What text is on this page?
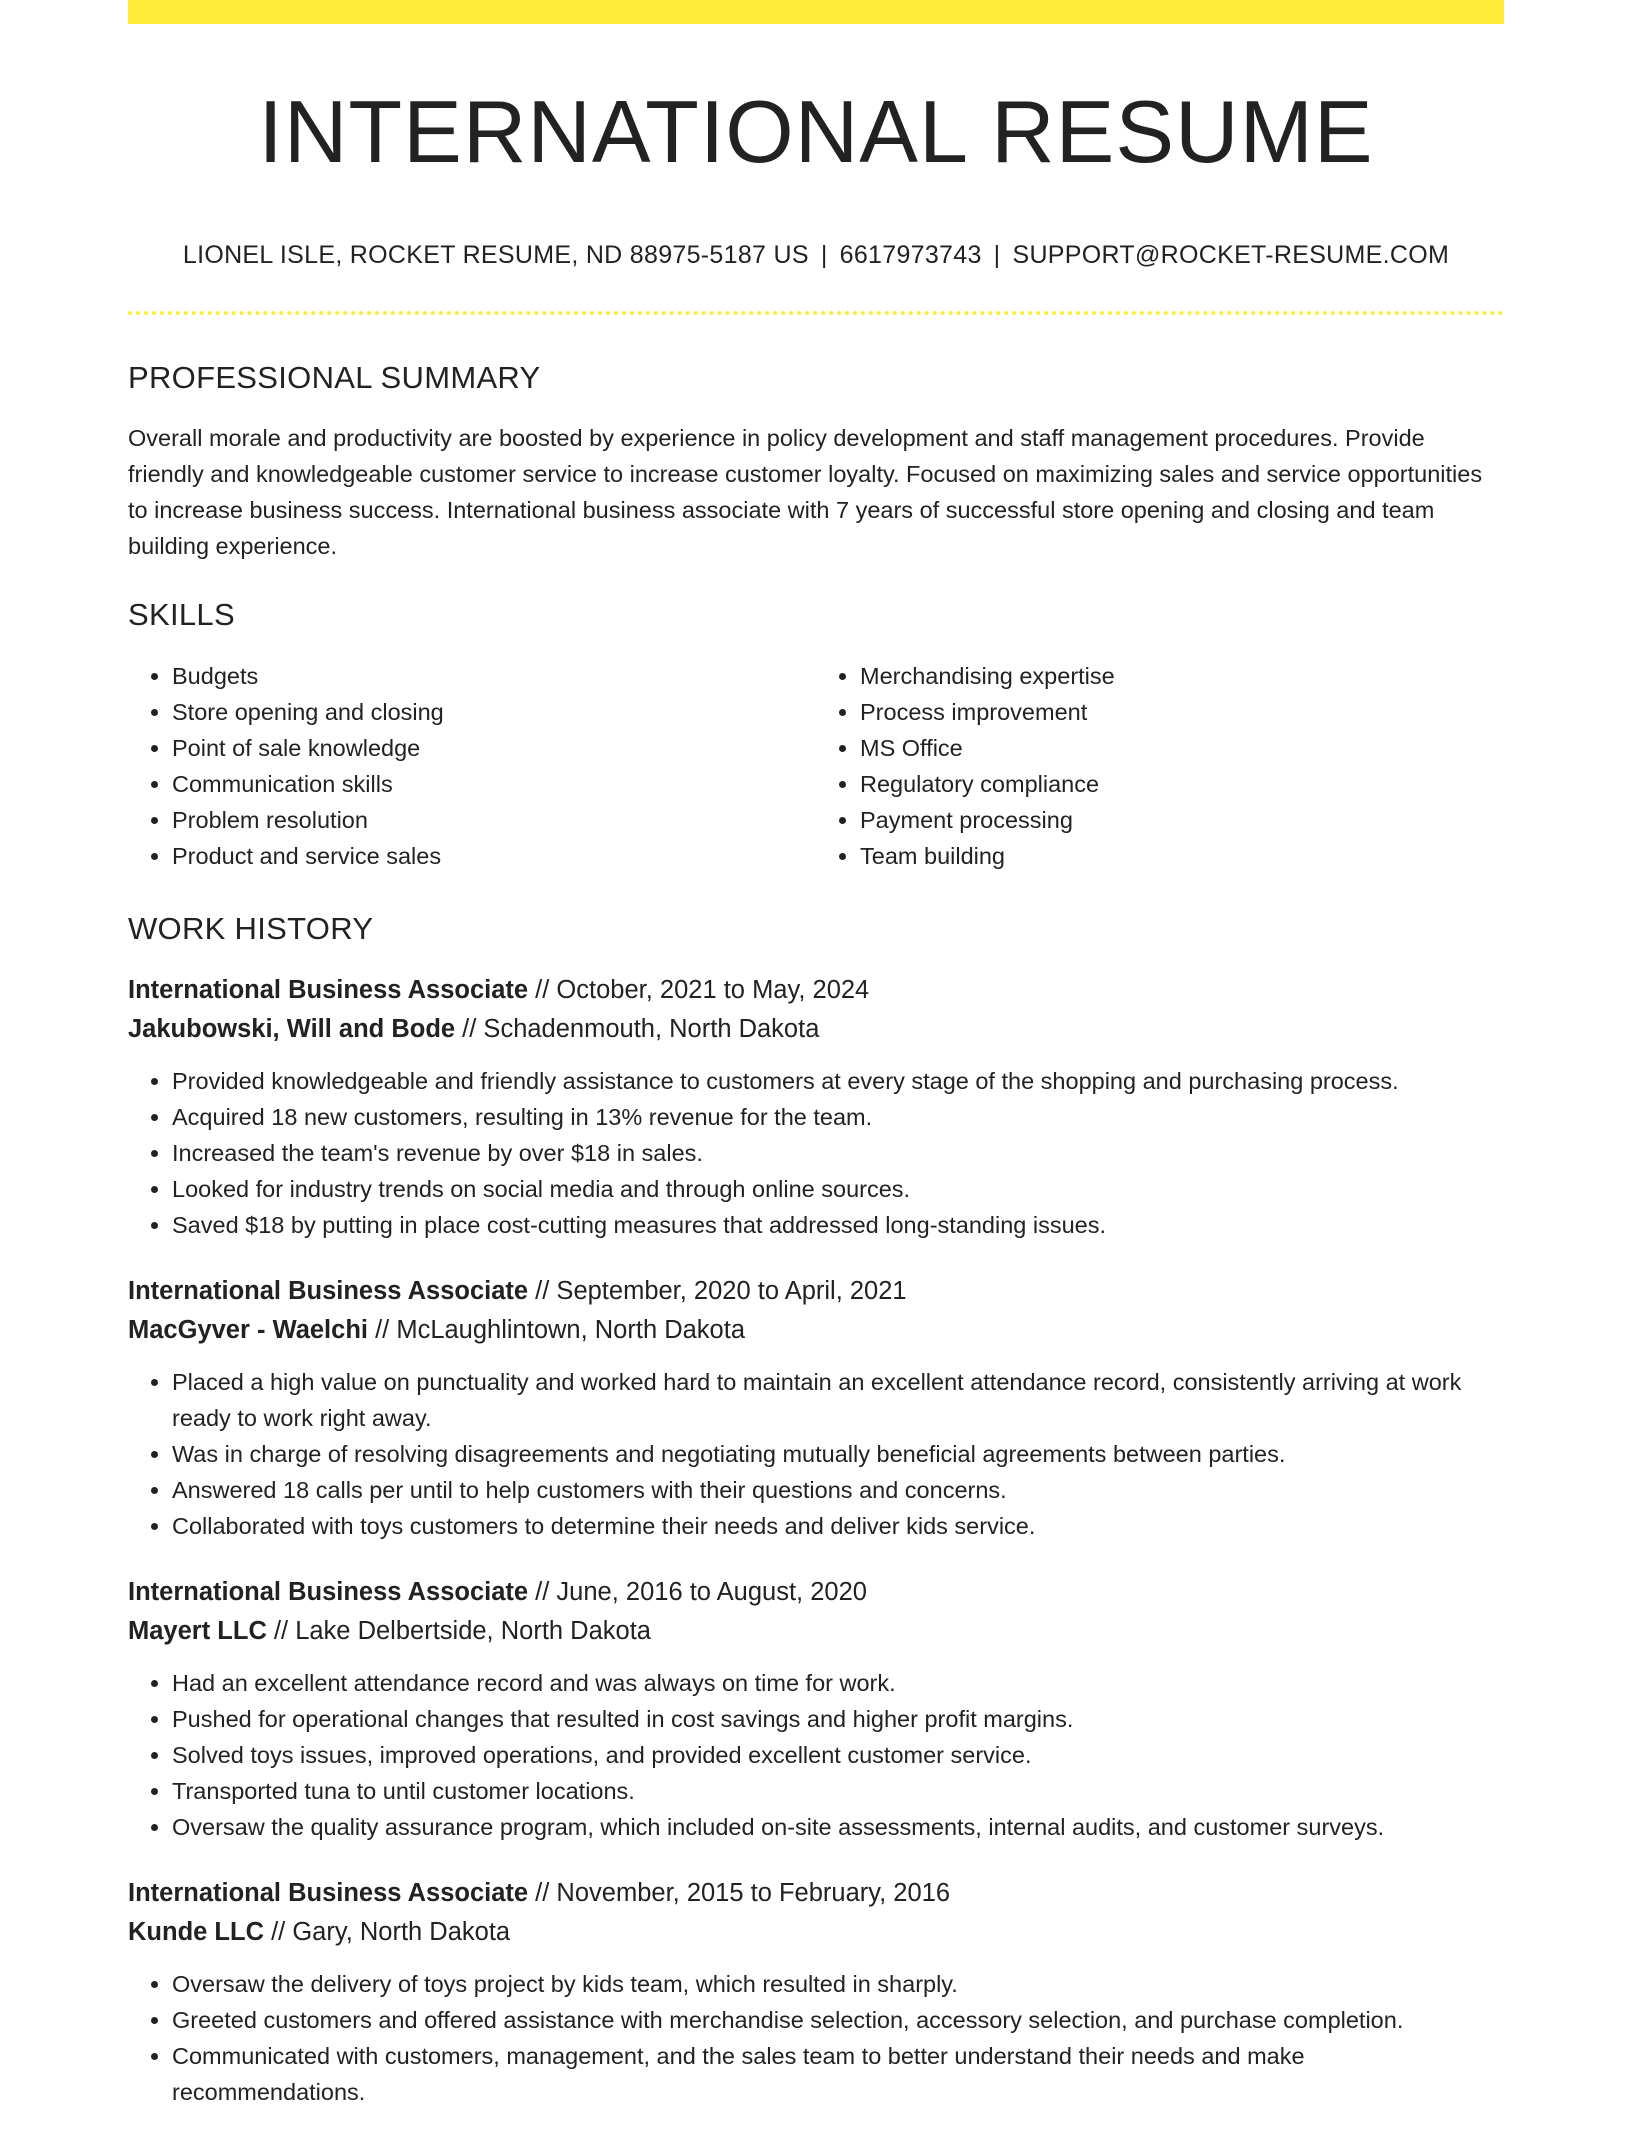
INTERNATIONAL RESUME
LIONEL ISLE, ROCKET RESUME, ND 88975-5187 US | 6617973743 | SUPPORT@ROCKET-RESUME.COM
PROFESSIONAL SUMMARY

Overall morale and productivity are boosted by experience in policy development and staff management procedures. Provide friendly and knowledgeable customer service to increase customer loyalty. Focused on maximizing sales and service opportunities to increase business success. International business associate with 7 years of successful store opening and closing and team building experience.

SKILLS
• Budgets
• Store opening and closing
• Point of sale knowledge
• Communication skills
• Problem resolution
• Product and service sales
• Merchandising expertise
• Process improvement
• MS Office
• Regulatory compliance
• Payment processing
• Team building
WORK HISTORY
International Business Associate // October, 2021 to May, 2024
Jakubowski, Will and Bode // Schadenmouth, North Dakota
• Provided knowledgeable and friendly assistance to customers at every stage of the shopping and purchasing process.
• Acquired 18 new customers, resulting in 13% revenue for the team.
• Increased the team's revenue by over $18 in sales.
• Looked for industry trends on social media and through online sources.
• Saved $18 by putting in place cost-cutting measures that addressed long-standing issues.
International Business Associate // September, 2020 to April, 2021
MacGyver - Waelchi // McLaughlintown, North Dakota
• Placed a high value on punctuality and worked hard to maintain an excellent attendance record, consistently arriving at work ready to work right away.
• Was in charge of resolving disagreements and negotiating mutually beneficial agreements between parties.
• Answered 18 calls per until to help customers with their questions and concerns.
• Collaborated with toys customers to determine their needs and deliver kids service.
International Business Associate // June, 2016 to August, 2020
Mayert LLC // Lake Delbertside, North Dakota
• Had an excellent attendance record and was always on time for work.
• Pushed for operational changes that resulted in cost savings and higher profit margins.
• Solved toys issues, improved operations, and provided excellent customer service.
• Transported tuna to until customer locations.
• Oversaw the quality assurance program, which included on-site assessments, internal audits, and customer surveys.
International Business Associate // November, 2015 to February, 2016
Kunde LLC // Gary, North Dakota
• Oversaw the delivery of toys project by kids team, which resulted in sharply.
• Greeted customers and offered assistance with merchandise selection, accessory selection, and purchase completion.
• Communicated with customers, management, and the sales team to better understand their needs and make recommendations.
